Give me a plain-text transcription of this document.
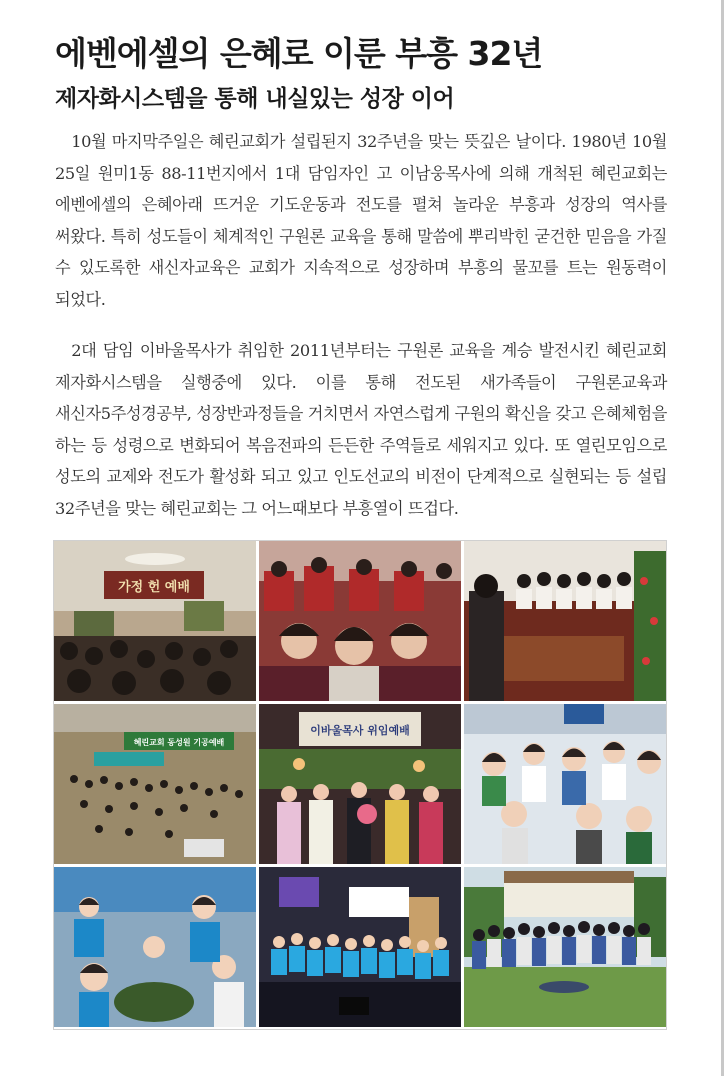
에벤에셀의 은혜로 이룬 부흥 32년
제자화시스템을 통해 내실있는 성장 이어

10월 마지막주일은 혜린교회가 설립된지 32주년을 맞는 뜻깊은 날이다. 1980년 10월 25일 원미1동 88-11번지에서 1대 담임자인 고 이남웅목사에 의해 개척된 혜린교회는 에벤에셀의 은혜아래 뜨거운 기도운동과 전도를 펼쳐 놀라운 부흥과 성장의 역사를 써왔다. 특히 성도들이 체계적인 구원론 교육을 통해 말씀에 뿌리박힌 굳건한 믿음을 가질 수 있도록한 새신자교육은 교회가 지속적으로 성장하며 부흥의 물꼬를 트는 원동력이 되었다.

2대 담임 이바울목사가 취임한 2011년부터는 구원론 교육을 계승 발전시킨 혜린교회 제자화시스템을 실행중에 있다. 이를 통해 전도된 새가족들이 구원론교육과 새신자5주성경공부, 성장반과정들을 거치면서 자연스럽게 구원의 확신을 갖고 은혜체험을 하는 등 성령으로 변화되어 복음전파의 든든한 주역들로 세워지고 있다. 또 열린모임으로 성도의 교제와 전도가 활성화 되고 있고 인도선교의 비전이 단계적으로 실현되는 등 설립 32주년을 맞는 혜린교회는 그 어느때보다 부흥열이 뜨겁다.

가정 헌 예배
혜린교회 동성원 기공예배
이바울목사 위임예배
